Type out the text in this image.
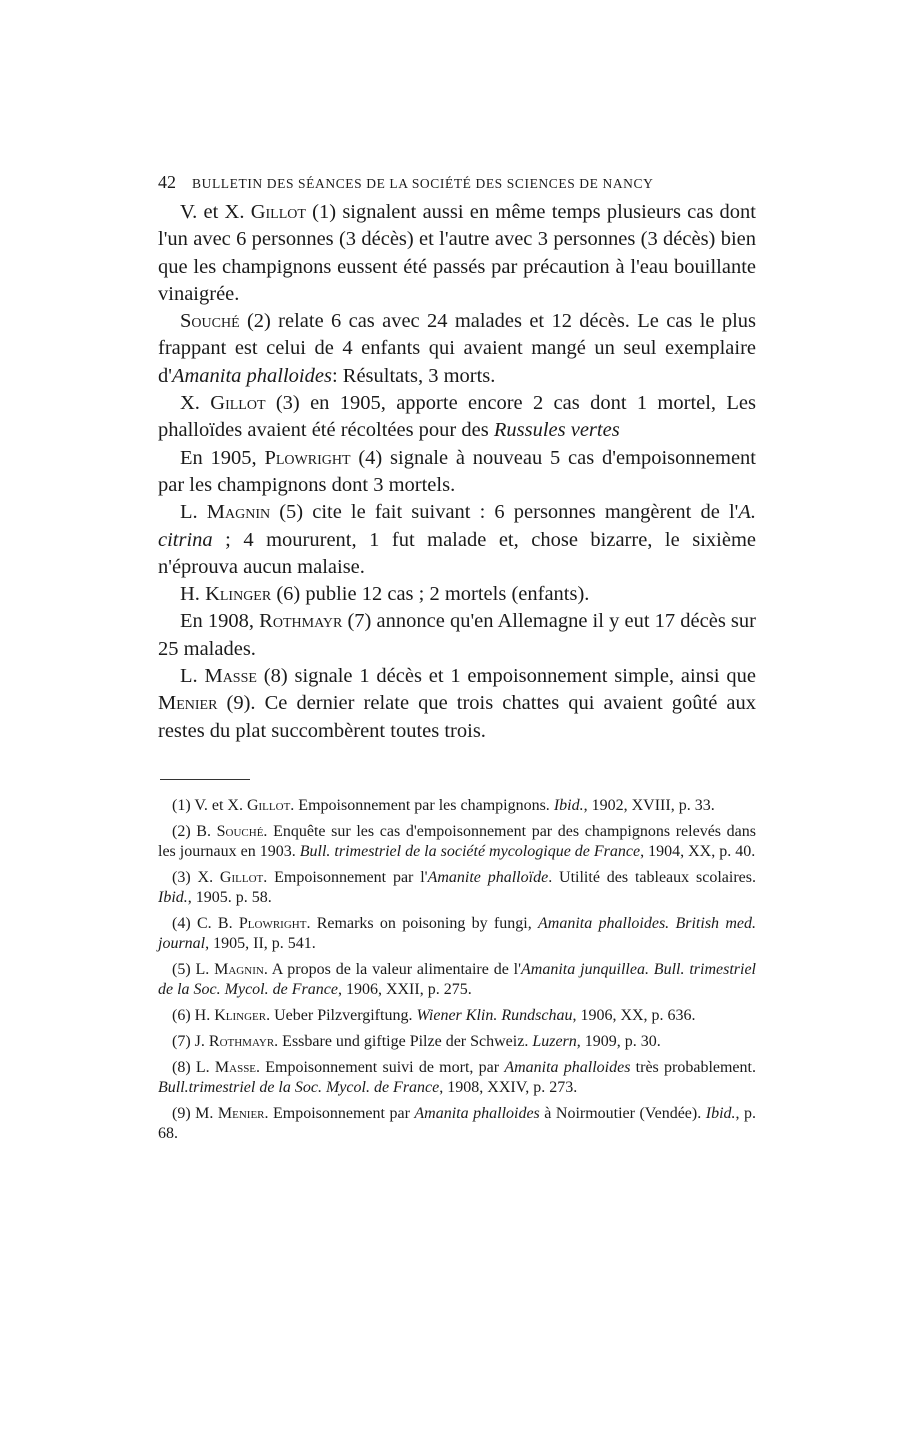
42 BULLETIN DES SÉANCES DE LA SOCIÉTÉ DES SCIENCES DE NANCY

V. et X. Gillot (1) signalent aussi en même temps plusieurs cas dont l'un avec 6 personnes (3 décès) et l'autre avec 3 personnes (3 décès) bien que les champignons eussent été passés par précaution à l'eau bouillante vinaigrée.

Souché (2) relate 6 cas avec 24 malades et 12 décès. Le cas le plus frappant est celui de 4 enfants qui avaient mangé un seul exemplaire d'Amanita phalloides: Résultats, 3 morts.

X. Gillot (3) en 1905, apporte encore 2 cas dont 1 mortel, Les phalloïdes avaient été récoltées pour des Russules vertes

En 1905, Plowright (4) signale à nouveau 5 cas d'empoisonnement par les champignons dont 3 mortels.

L. Magnin (5) cite le fait suivant : 6 personnes mangèrent de l'A. citrina ; 4 moururent, 1 fut malade et, chose bizarre, le sixième n'éprouva aucun malaise.

H. Klinger (6) publie 12 cas ; 2 mortels (enfants).

En 1908, Rothmayr (7) annonce qu'en Allemagne il y eut 17 décès sur 25 malades.

L. Masse (8) signale 1 décès et 1 empoisonnement simple, ainsi que Menier (9). Ce dernier relate que trois chattes qui avaient goûté aux restes du plat succombèrent toutes trois.

(1) V. et X. Gillot. Empoisonnement par les champignons. Ibid., 1902, XVIII, p. 33.

(2) B. Souché. Enquête sur les cas d'empoisonnement par des champignons relevés dans les journaux en 1903. Bull. trimestriel de la société mycologique de France, 1904, XX, p. 40.

(3) X. Gillot. Empoisonnement par l'Amanite phalloïde. Utilité des tableaux scolaires. Ibid., 1905. p. 58.

(4) C. B. Plowright. Remarks on poisoning by fungi, Amanita phalloides. British med. journal, 1905, II, p. 541.

(5) L. Magnin. A propos de la valeur alimentaire de l'Amanita junquillea. Bull. trimestriel de la Soc. Mycol. de France, 1906, XXII, p. 275.

(6) H. Klinger. Ueber Pilzvergiftung. Wiener Klin. Rundschau, 1906, XX, p. 636.

(7) J. Rothmayr. Essbare und giftige Pilze der Schweiz. Luzern, 1909, p. 30.

(8) L. Masse. Empoisonnement suivi de mort, par Amanita phalloides très probablement. Bull.trimestriel de la Soc. Mycol. de France, 1908, XXIV, p. 273.

(9) M. Menier. Empoisonnement par Amanita phalloides à Noirmoutier (Vendée). Ibid., p. 68.
